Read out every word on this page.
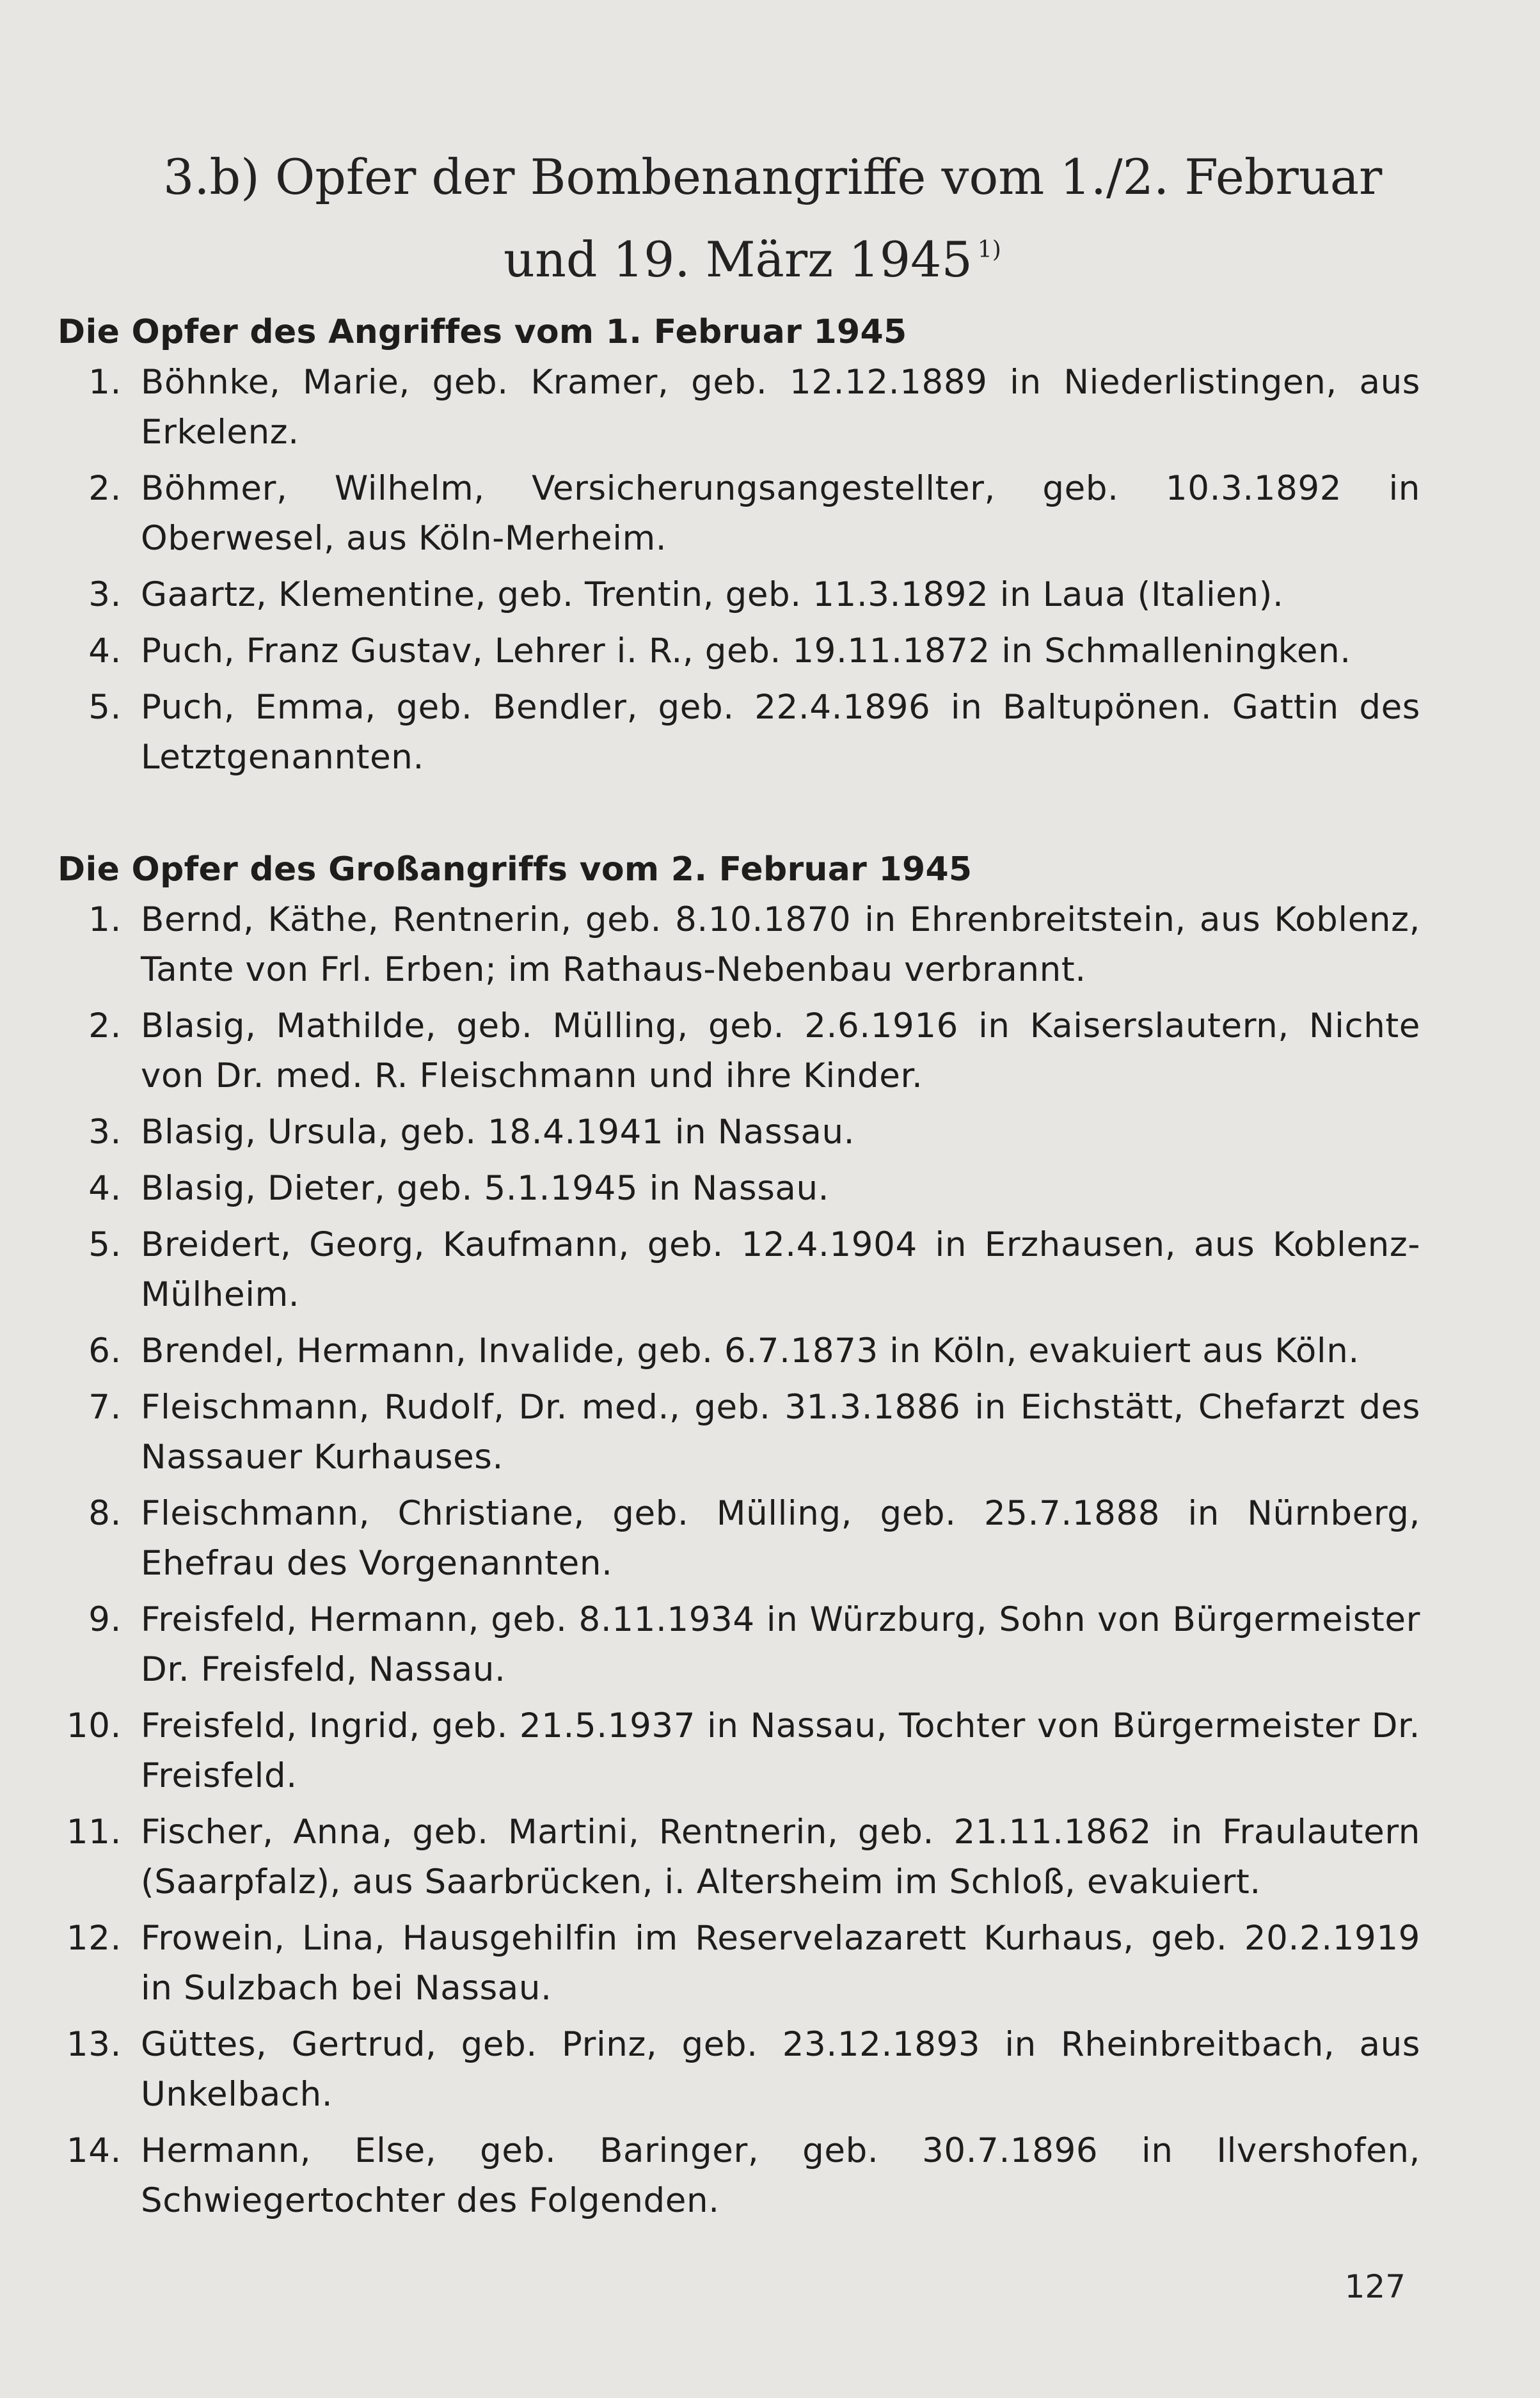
3.b) Opfer der Bombenangriffe vom 1./2. Februar
und 19. März 1945 $^{1)}$
Die Opfer des Angriffes vom 1. Februar 1945
1. Böhnke, Marie, geb. Kramer, geb. 12.12.1889 in Niederlistingen, aus Erkelenz.
2. Böhmer, Wilhelm, Versicherungsangestellter, geb. 10.3.1892 in Oberwesel, aus Köln-Merheim.
3. Gaartz, Klementine, geb. Trentin, geb. 11.3.1892 in Laua (Italien).
4. Puch, Franz Gustav, Lehrer i. R., geb. 19.11.1872 in Schmalleningken.
5. Puch, Emma, geb. Bendler, geb. 22.4.1896 in Baltupönen. Gattin des Letztgenannten.
Die Opfer des Großangriffs vom 2. Februar 1945
1. Bernd, Käthe, Rentnerin, geb. 8.10.1870 in Ehrenbreitstein, aus Koblenz, Tante von Frl. Erben; im Rathaus-Nebenbau verbrannt.
2. Blasig, Mathilde, geb. Mülling, geb. 2.6.1916 in Kaiserslautern, Nichte von Dr. med. R. Fleischmann und ihre Kinder.
3. Blasig, Ursula, geb. 18.4.1941 in Nassau.
4. Blasig, Dieter, geb. 5.1.1945 in Nassau.
5. Breidert, Georg, Kaufmann, geb. 12.4.1904 in Erzhausen, aus Koblenz-Mülheim.
6. Brendel, Hermann, Invalide, geb. 6.7.1873 in Köln, evakuiert aus Köln.
7. Fleischmann, Rudolf, Dr. med., geb. 31.3.1886 in Eichstätt, Chefarzt des Nassauer Kurhauses.
8. Fleischmann, Christiane, geb. Mülling, geb. 25.7.1888 in Nürnberg, Ehefrau des Vorgenannten.
9. Freisfeld, Hermann, geb. 8.11.1934 in Würzburg, Sohn von Bürgermeister Dr. Freisfeld, Nassau.
10. Freisfeld, Ingrid, geb. 21.5.1937 in Nassau, Tochter von Bürgermeister Dr. Freisfeld.
11. Fischer, Anna, geb. Martini, Rentnerin, geb. 21.11.1862 in Fraulautern (Saarpfalz), aus Saarbrücken, i. Altersheim im Schloß, evakuiert.
12. Frowein, Lina, Hausgehilfin im Reservelazarett Kurhaus, geb. 20.2.1919 in Sulzbach bei Nassau.
13. Güttes, Gertrud, geb. Prinz, geb. 23.12.1893 in Rheinbreitbach, aus Unkelbach.
14. Hermann, Else, geb. Baringer, geb. 30.7.1896 in Ilvershofen, Schwiegertochter des Folgenden.
127
